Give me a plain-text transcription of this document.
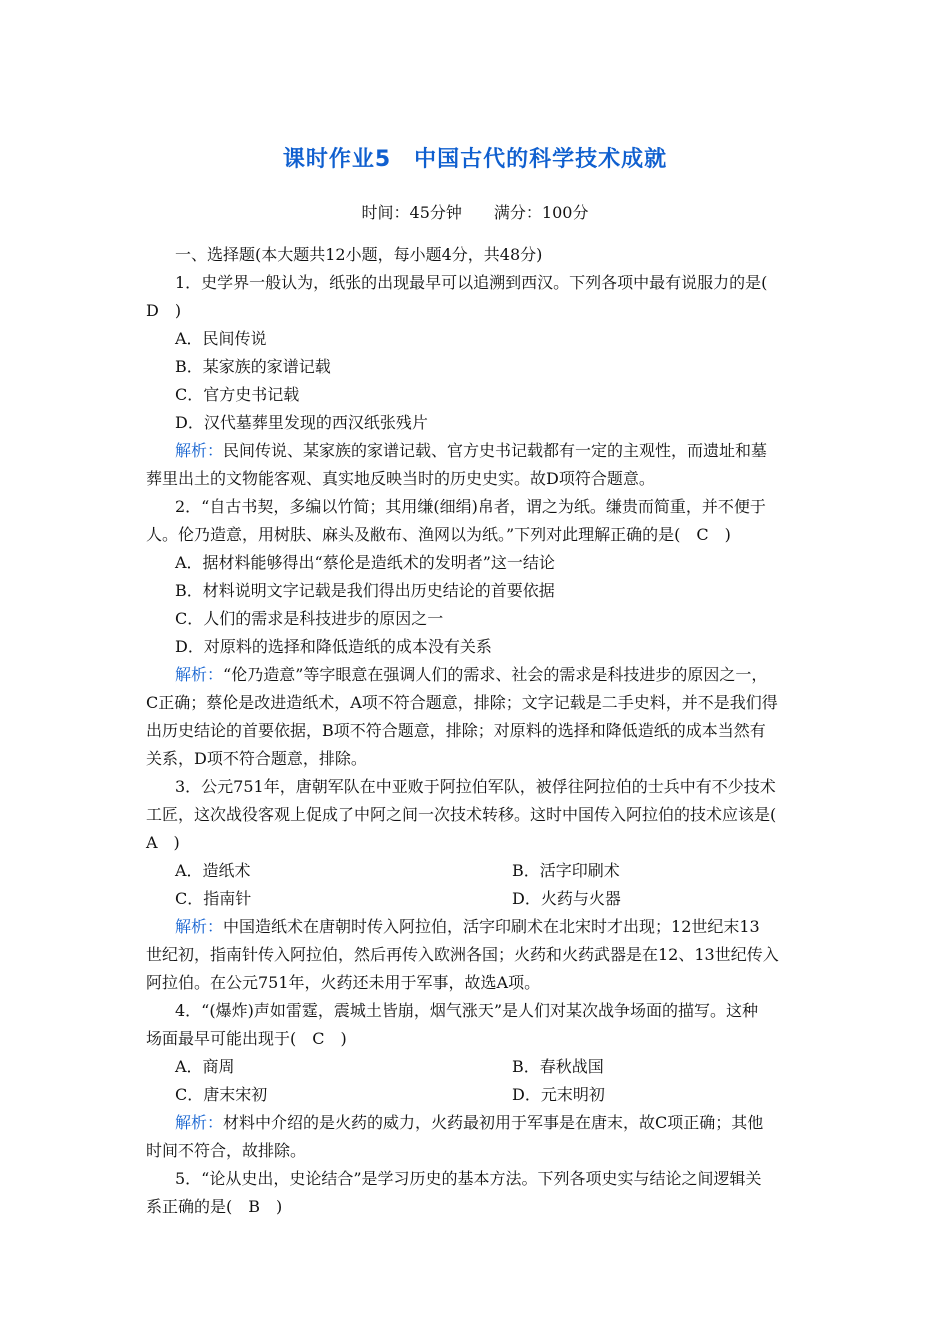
课时作业5　中国古代的科学技术成就
时间：45分钟　　满分：100分
一、选择题(本大题共12小题，每小题4分，共48分)
1．史学界一般认为，纸张的出现最早可以追溯到西汉。下列各项中最有说服力的是(
D　)
A．民间传说
B．某家族的家谱记载
C．官方史书记载
D．汉代墓葬里发现的西汉纸张残片
解析：民间传说、某家族的家谱记载、官方史书记载都有一定的主观性，而遗址和墓
葬里出土的文物能客观、真实地反映当时的历史史实。故D项符合题意。
2．“自古书契，多编以竹简；其用缣(细绢)帛者，谓之为纸。缣贵而简重，并不便于
人。伦乃造意，用树肤、麻头及敝布、渔网以为纸。”下列对此理解正确的是(　C　)
A．据材料能够得出“蔡伦是造纸术的发明者”这一结论
B．材料说明文字记载是我们得出历史结论的首要依据
C．人们的需求是科技进步的原因之一
D．对原料的选择和降低造纸的成本没有关系
解析：“伦乃造意”等字眼意在强调人们的需求、社会的需求是科技进步的原因之一，
C正确；蔡伦是改进造纸术，A项不符合题意，排除；文字记载是二手史料，并不是我们得
出历史结论的首要依据，B项不符合题意，排除；对原料的选择和降低造纸的成本当然有
关系，D项不符合题意，排除。
3．公元751年，唐朝军队在中亚败于阿拉伯军队，被俘往阿拉伯的士兵中有不少技术
工匠，这次战役客观上促成了中阿之间一次技术转移。这时中国传入阿拉伯的技术应该是(
A　)
A．造纸术	B．活字印刷术
C．指南针	D．火药与火器
解析：中国造纸术在唐朝时传入阿拉伯，活字印刷术在北宋时才出现；12世纪末13
世纪初，指南针传入阿拉伯，然后再传入欧洲各国；火药和火药武器是在12、13世纪传入
阿拉伯。在公元751年，火药还未用于军事，故选A项。
4．“(爆炸)声如雷霆，震城土皆崩，烟气涨天”是人们对某次战争场面的描写。这种
场面最早可能出现于(　C　)
A．商周	B．春秋战国
C．唐末宋初	D．元末明初
解析：材料中介绍的是火药的威力，火药最初用于军事是在唐末，故C项正确；其他
时间不符合，故排除。
5．“论从史出，史论结合”是学习历史的基本方法。下列各项史实与结论之间逻辑关
系正确的是(　B　)
